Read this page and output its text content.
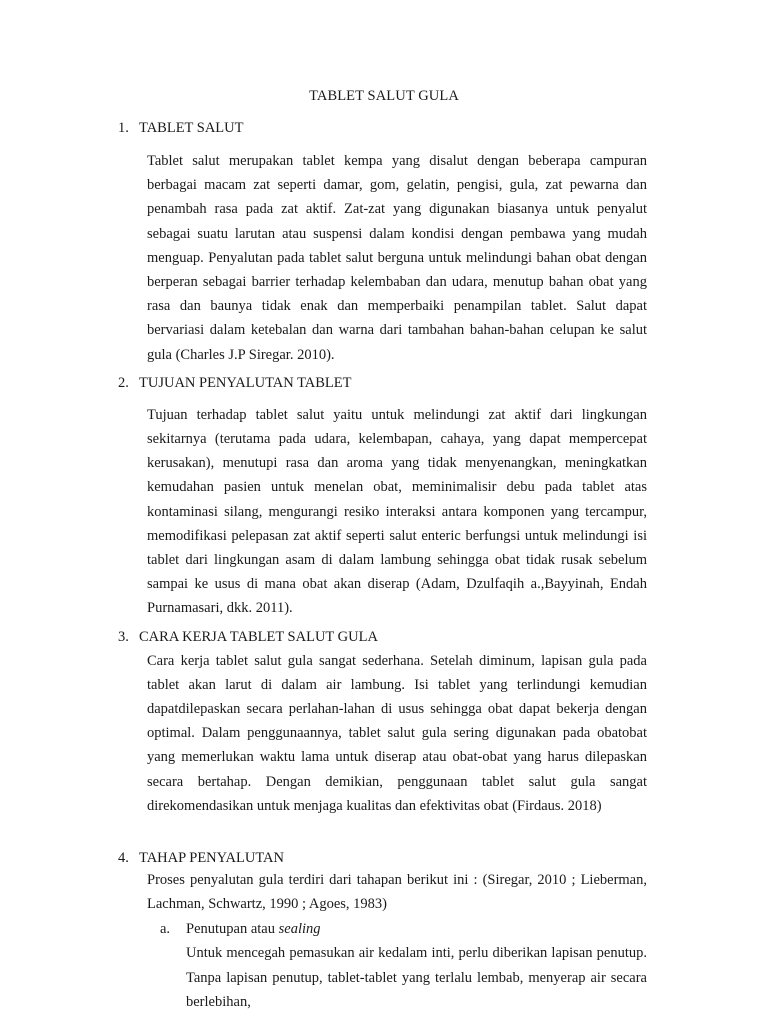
TABLET SALUT GULA
1. TABLET SALUT

Tablet salut merupakan tablet kempa yang disalut dengan beberapa campuran berbagai macam zat seperti damar, gom, gelatin, pengisi, gula, zat pewarna dan penambah rasa pada zat aktif. Zat-zat yang digunakan biasanya untuk penyalut sebagai suatu larutan atau suspensi dalam kondisi dengan pembawa yang mudah menguap. Penyalutan pada tablet salut berguna untuk melindungi bahan obat dengan berperan sebagai barrier terhadap kelembaban dan udara, menutup bahan obat yang rasa dan baunya tidak enak dan memperbaiki penampilan tablet. Salut dapat bervariasi dalam ketebalan dan warna dari tambahan bahan-bahan celupan ke salut gula (Charles J.P Siregar. 2010).

2. TUJUAN PENYALUTAN TABLET

Tujuan terhadap tablet salut yaitu untuk melindungi zat aktif dari lingkungan sekitarnya (terutama pada udara, kelembapan, cahaya, yang dapat mempercepat kerusakan), menutupi rasa dan aroma yang tidak menyenangkan, meningkatkan kemudahan pasien untuk menelan obat, meminimalisir debu pada tablet atas kontaminasi silang, mengurangi resiko interaksi antara komponen yang tercampur, memodifikasi pelepasan zat aktif seperti salut enteric berfungsi untuk melindungi isi tablet dari lingkungan asam di dalam lambung sehingga obat tidak rusak sebelum sampai ke usus di mana obat akan diserap (Adam, Dzulfaqih a.,Bayyinah, Endah Purnamasari, dkk. 2011).

3. CARA KERJA TABLET SALUT GULA

Cara kerja tablet salut gula sangat sederhana. Setelah diminum, lapisan gula pada tablet akan larut di dalam air lambung. Isi tablet yang terlindungi kemudian dapatdilepaskan secara perlahan-lahan di usus sehingga obat dapat bekerja dengan optimal. Dalam penggunaannya, tablet salut gula sering digunakan pada obatobat yang memerlukan waktu lama untuk diserap atau obat-obat yang harus dilepaskan secara bertahap. Dengan demikian, penggunaan tablet salut gula sangat direkomendasikan untuk menjaga kualitas dan efektivitas obat (Firdaus. 2018)

4. TAHAP PENYALUTAN

Proses penyalutan gula terdiri dari tahapan berikut ini : (Siregar, 2010 ; Lieberman, Lachman, Schwartz, 1990 ; Agoes, 1983)

a. Penutupan atau sealing

Untuk mencegah pemasukan air kedalam inti, perlu diberikan lapisan penutup. Tanpa lapisan penutup, tablet-tablet yang terlalu lembab, menyerap air secara berlebihan,
